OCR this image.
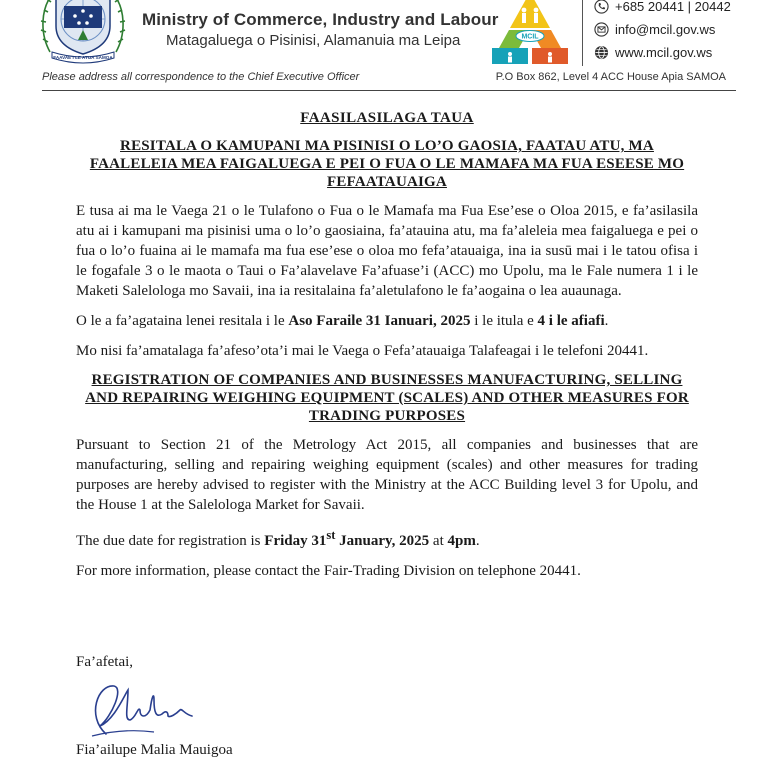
FAAVAE I LE ATUA SAMOA
Ministry of Commerce, Industry and Labour
Matagaluega o Pisinisi, Alamanuia ma Leipa	MCIL
+685 20441 | 20442
info@mcil.gov.ws
www.mcil.gov.ws
Please address all correspondence to the Chief Executive Officer	P.O Box 862, Level 4 ACC House Apia SAMOA
FAASILASILAGA TAUA
RESITALA O KAMUPANI MA PISINISI O LO’O GAOSIA, FAATAU ATU, MA FAALELEIA MEA FAIGALUEGA E PEI O FUA O LE MAMAFA MA FUA ESEESE MO FEFAATAUAIGA

E tusa ai ma le Vaega 21 o le Tulafono o Fua o le Mamafa ma Fua Ese’ese o Oloa 2015, e fa’asilasila atu ai i kamupani ma pisinisi uma o lo’o gaosiaina, fa’atauina atu, ma fa’aleleia mea faigaluega e pei o fua o lo’o fuaina ai le mamafa ma fua ese’ese o oloa mo fefa’atauaiga, ina ia susū mai i le tatou ofisa i le fogafale 3 o le maota o Taui o Fa’alavelave Fa’afuase’i (ACC) mo Upolu, ma le Fale numera 1 i le Maketi Salelologa mo Savaii, ina ia resitalaina fa’aletulafono le fa’aogaina o lea auaunaga.

O le a fa’agataina lenei resitala i le Aso Faraile 31 Ianuari, 2025 i le itula e 4 i le afiafi.

Mo nisi fa’amatalaga fa’afeso’ota’i mai le Vaega o Fefa’atauaiga Talafeagai i le telefoni 20441.

REGISTRATION OF COMPANIES AND BUSINESSES MANUFACTURING, SELLING AND REPAIRING WEIGHING EQUIPMENT (SCALES) AND OTHER MEASURES FOR TRADING PURPOSES

Pursuant to Section 21 of the Metrology Act 2015, all companies and businesses that are manufacturing, selling and repairing weighing equipment (scales) and other measures for trading purposes are hereby advised to register with the Ministry at the ACC Building level 3 for Upolu, and the House 1 at the Salelologa Market for Savaii.

The due date for registration is Friday 31st January, 2025 at 4pm.

For more information, please contact the Fair-Trading Division on telephone 20441.

Fa’afetai,

Fia’ailupe Malia Mauigoa
